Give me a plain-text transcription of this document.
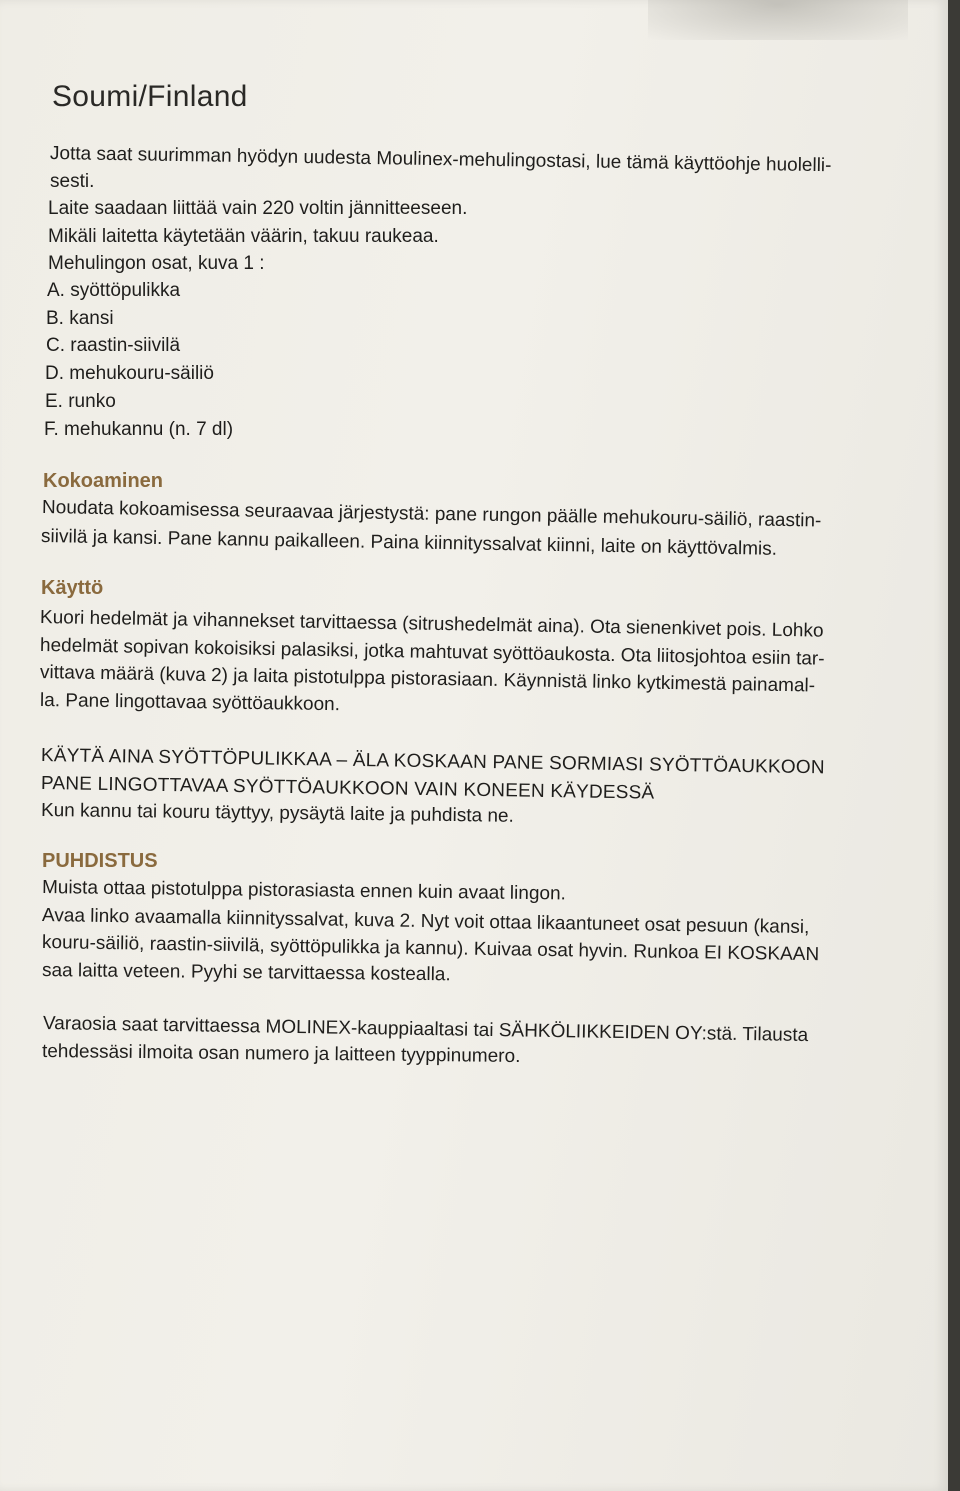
Soumi/Finland
Jotta saat suurimman hyödyn uudesta Moulinex-mehulingostasi, lue tämä käyttöohje huolelli-
sesti.
Laite saadaan liittää vain 220 voltin jännitteeseen.
Mikäli laitetta käytetään väärin, takuu raukeaa.
Mehulingon osat, kuva 1 :
A. syöttöpulikka
B. kansi
C. raastin-siivilä
D. mehukouru-säiliö
E. runko
F. mehukannu (n. 7 dl)
Kokoaminen
Noudata kokoamisessa seuraavaa järjestystä: pane rungon päälle mehukouru-säiliö, raastin-
siivilä ja kansi. Pane kannu paikalleen. Paina kiinnityssalvat kiinni, laite on käyttövalmis.
Käyttö
Kuori hedelmät ja vihannekset tarvittaessa (sitrushedelmät aina). Ota sienenkivet pois. Lohko
hedelmät sopivan kokoisiksi palasiksi, jotka mahtuvat syöttöaukosta. Ota liitosjohtoa esiin tar-
vittava määrä (kuva 2) ja laita pistotulppa pistorasiaan. Käynnistä linko kytkimestä painamal-
la. Pane lingottavaa syöttöaukkoon.
KÄYTÄ AINA SYÖTTÖPULIKKAA – ÄLA KOSKAAN PANE SORMIASI SYÖTTÖAUKKOON
PANE LINGOTTAVAA SYÖTTÖAUKKOON VAIN KONEEN KÄYDESSÄ
Kun kannu tai kouru täyttyy, pysäytä laite ja puhdista ne.
PUHDISTUS
Muista ottaa pistotulppa pistorasiasta ennen kuin avaat lingon.
Avaa linko avaamalla kiinnityssalvat, kuva 2. Nyt voit ottaa likaantuneet osat pesuun (kansi,
kouru-säiliö, raastin-siivilä, syöttöpulikka ja kannu). Kuivaa osat hyvin. Runkoa EI KOSKAAN
saa laitta veteen. Pyyhi se tarvittaessa kostealla.
Varaosia saat tarvittaessa MOLINEX-kauppiaaltasi tai SÄHKÖLIIKKEIDEN OY:stä. Tilausta
tehdessäsi ilmoita osan numero ja laitteen tyyppinumero.
